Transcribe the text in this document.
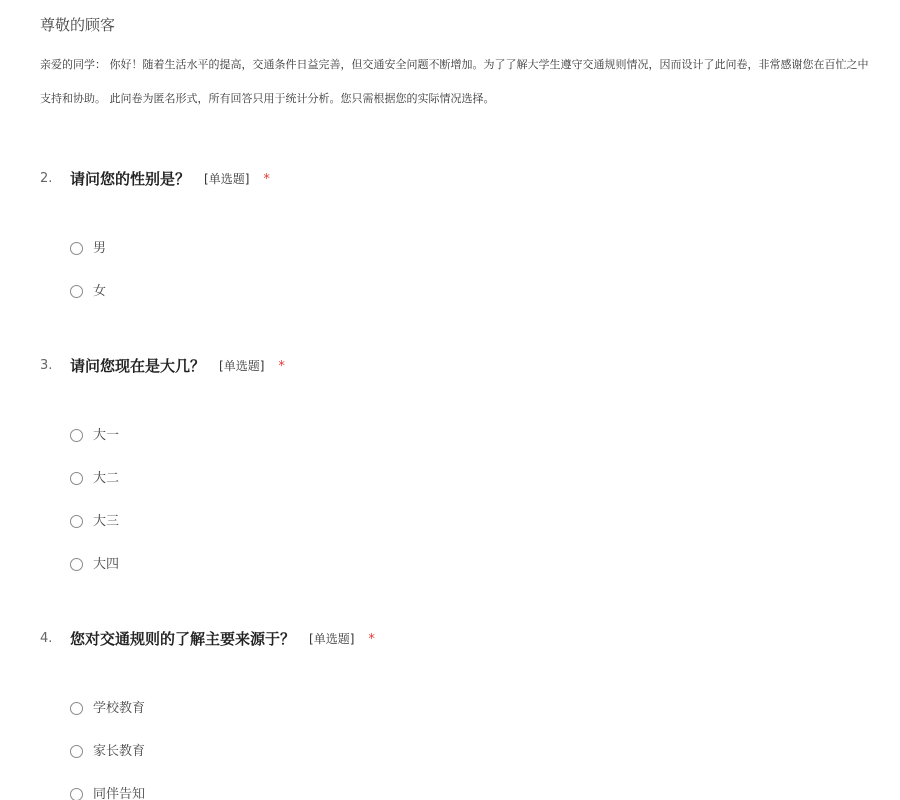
尊敬的顾客
亲爱的同学： 你好！随着生活水平的提高，交通条件日益完善，但交通安全问题不断增加。为了了解大学生遵守交通规则情况，因而设计了此问卷，非常感谢您在百忙之中
支持和协助。 此问卷为匿名形式，所有回答只用于统计分析。您只需根据您的实际情况选择。
2. 请问您的性别是？ [单选题] *
男
女
3. 请问您现在是大几？ [单选题] *
大一
大二
大三
大四
4. 您对交通规则的了解主要来源于？ [单选题] *
学校教育
家长教育
同伴告知
